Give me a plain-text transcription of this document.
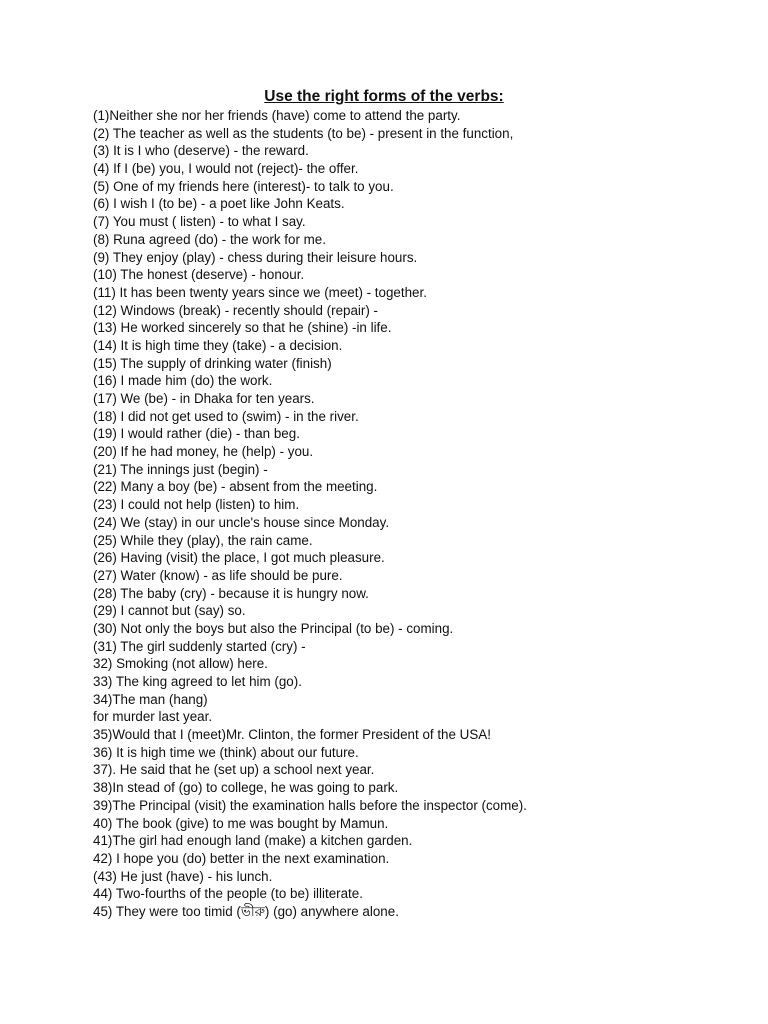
Use the right forms of the verbs:
(1)Neither she nor her friends (have) come to attend the party.
(2) The teacher as well as the students (to be) - present in the function,
(3) It is I who (deserve) - the reward.
(4) If I (be) you, I would not (reject)- the offer.
(5) One of my friends here (interest)- to talk to you.
(6) I wish I (to be) - a poet like John Keats.
(7) You must ( listen) - to what I say.
(8) Runa agreed (do) - the work for me.
(9) They enjoy (play) - chess during their leisure hours.
(10) The honest (deserve) - honour.
(11) It has been twenty years since we (meet) - together.
(12) Windows (break) - recently should (repair) -
(13) He worked sincerely so that he (shine) -in life.
(14) It is high time they (take) - a decision.
(15) The supply of drinking water (finish)
(16) I made him (do) the work.
(17) We (be) - in Dhaka for ten years.
(18) I did not get used to (swim) - in the river.
(19) I would rather (die) - than beg.
(20) If he had money, he (help) - you.
(21) The innings just (begin) -
(22) Many a boy (be) - absent from the meeting.
(23) I could not help (listen) to him.
(24) We (stay) in our uncle's house since Monday.
(25) While they (play), the rain came.
(26) Having (visit) the place, I got much pleasure.
(27) Water (know) - as life should be pure.
(28) The baby (cry) - because it is hungry now.
(29) I cannot but (say) so.
(30) Not only the boys but also the Principal (to be) - coming.
(31) The girl suddenly started (cry) -
32) Smoking (not allow) here.
33) The king agreed to let him (go).
34)The man (hang)
for murder last year.
35)Would that I (meet)Mr. Clinton, the former President of the USA!
36) It is high time we (think) about our future.
37). He said that he (set up) a school next year.
38)In stead of (go) to college, he was going to park.
39)The Principal (visit) the examination halls before the inspector (come).
40) The book (give) to me was bought by Mamun.
41)The girl had enough land (make) a kitchen garden.
42) I hope you (do) better in the next examination.
(43) He just (have) - his lunch.
44) Two-fourths of the people (to be) illiterate.
45) They were too timid (ভীরু) (go) anywhere alone.
